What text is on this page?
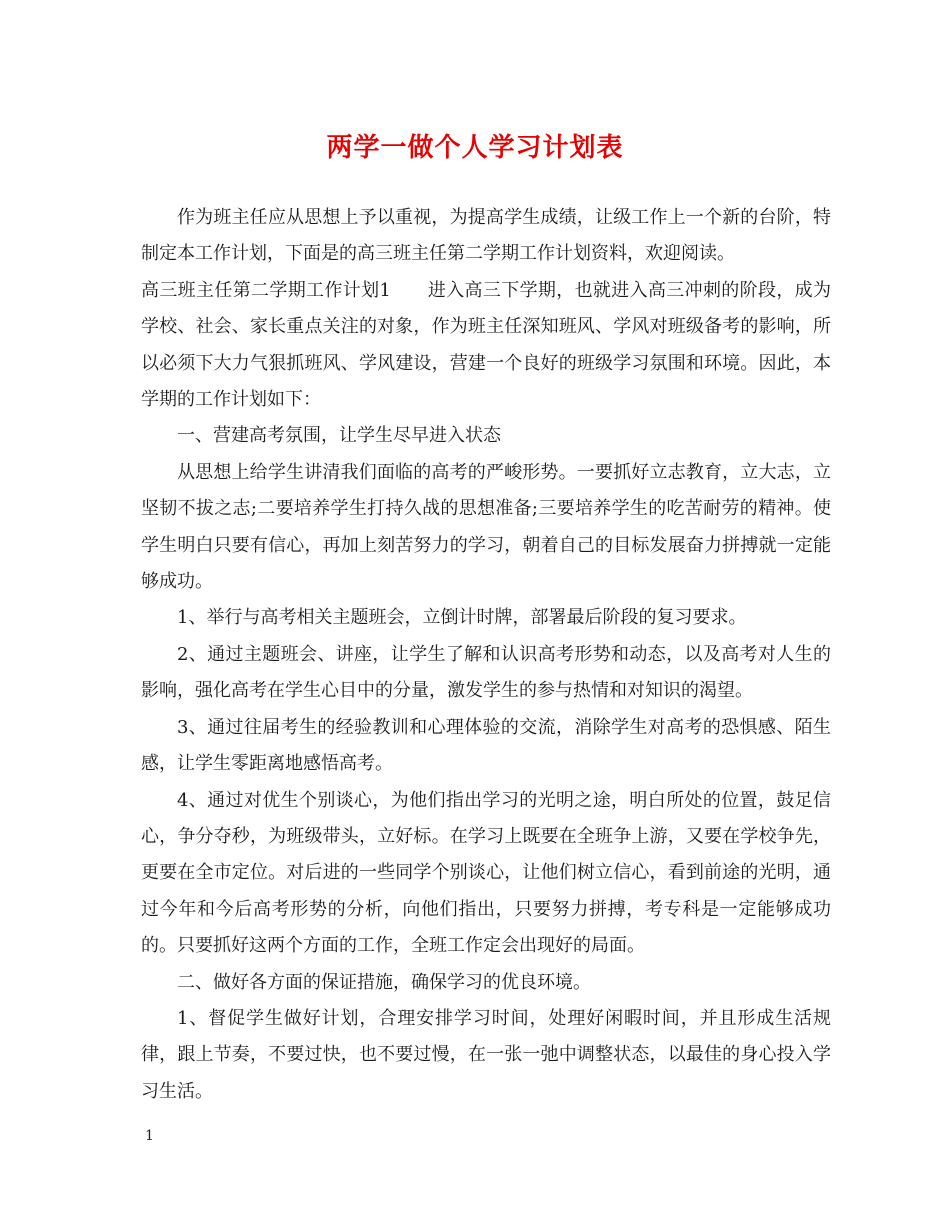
两学一做个人学习计划表

作为班主任应从思想上予以重视，为提高学生成绩，让级工作上一个新的台阶，特制定本工作计划，下面是的高三班主任第二学期工作计划资料，欢迎阅读。

高三班主任第二学期工作计划1　　进入高三下学期，也就进入高三冲刺的阶段，成为学校、社会、家长重点关注的对象，作为班主任深知班风、学风对班级备考的影响，所以必须下大力气狠抓班风、学风建设，营建一个良好的班级学习氛围和环境。因此，本学期的工作计划如下：

一、营建高考氛围，让学生尽早进入状态

从思想上给学生讲清我们面临的高考的严峻形势。一要抓好立志教育，立大志，立坚韧不拔之志;二要培养学生打持久战的思想准备;三要培养学生的吃苦耐劳的精神。使学生明白只要有信心，再加上刻苦努力的学习，朝着自己的目标发展奋力拼搏就一定能够成功。

1、举行与高考相关主题班会，立倒计时牌，部署最后阶段的复习要求。

2、通过主题班会、讲座，让学生了解和认识高考形势和动态，以及高考对人生的影响，强化高考在学生心目中的分量，激发学生的参与热情和对知识的渴望。

3、通过往届考生的经验教训和心理体验的交流，消除学生对高考的恐惧感、陌生感，让学生零距离地感悟高考。

4、通过对优生个别谈心，为他们指出学习的光明之途，明白所处的位置，鼓足信心，争分夺秒，为班级带头，立好标。在学习上既要在全班争上游，又要在学校争先，更要在全市定位。对后进的一些同学个别谈心，让他们树立信心，看到前途的光明，通过今年和今后高考形势的分析，向他们指出，只要努力拼搏，考专科是一定能够成功的。只要抓好这两个方面的工作，全班工作定会出现好的局面。

二、做好各方面的保证措施，确保学习的优良环境。

1、督促学生做好计划，合理安排学习时间，处理好闲暇时间，并且形成生活规律，跟上节奏，不要过快，也不要过慢，在一张一弛中调整状态，以最佳的身心投入学习生活。

1
